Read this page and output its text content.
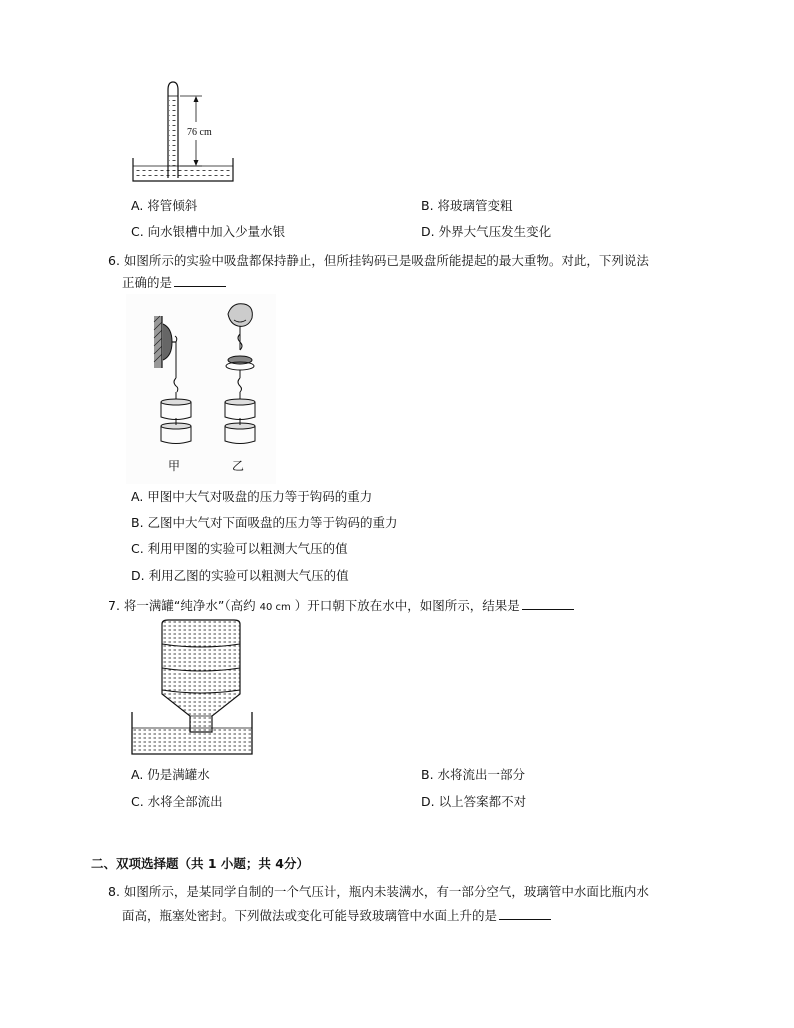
76 cm
A. 将管倾斜	B. 将玻璃管变粗
C. 向水银槽中加入少量水银	D. 外界大气压发生变化
6. 如图所示的实验中吸盘都保持静止，但所挂钩码已是吸盘所能提起的最大重物。对此，下列说法
正确的是
甲	乙
A. 甲图中大气对吸盘的压力等于钩码的重力
B. 乙图中大气对下面吸盘的压力等于钩码的重力
C. 利用甲图的实验可以粗测大气压的值
D. 利用乙图的实验可以粗测大气压的值
7. 将一满罐“纯净水”（高约 40 cm ）开口朝下放在水中，如图所示，结果是
A. 仍是满罐水	B. 水将流出一部分
C. 水将全部流出	D. 以上答案都不对
二、双项选择题（共 1 小题；共 4分）
8. 如图所示，是某同学自制的一个气压计，瓶内未装满水，有一部分空气，玻璃管中水面比瓶内水
面高，瓶塞处密封。下列做法或变化可能导致玻璃管中水面上升的是
